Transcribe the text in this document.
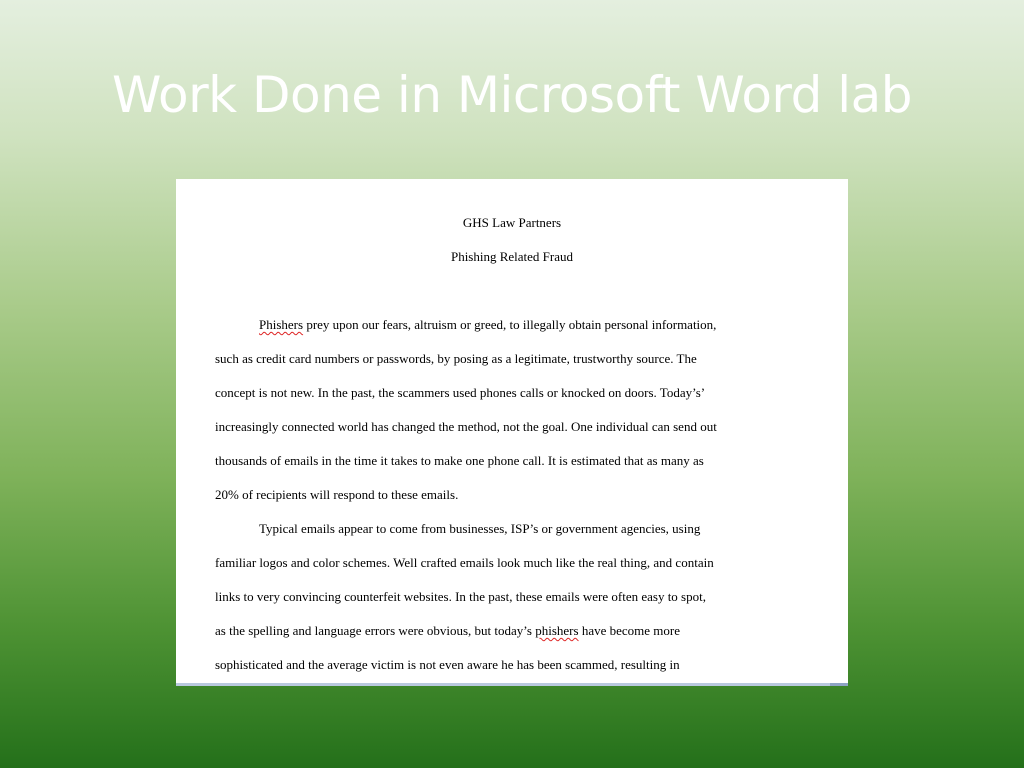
Work Done in Microsoft Word lab

GHS Law Partners

Phishing Related Fraud

Phishers prey upon our fears, altruism or greed, to illegally obtain personal information,

such as credit card numbers or passwords, by posing as a legitimate, trustworthy source. The

concept is not new. In the past, the scammers used phones calls or knocked on doors. Today’s’

increasingly connected world has changed the method, not the goal. One individual can send out

thousands of emails in the time it takes to make one phone call. It is estimated that as many as

20% of recipients will respond to these emails.

Typical emails appear to come from businesses, ISP’s or government agencies, using

familiar logos and color schemes. Well crafted emails look much like the real thing, and contain

links to very convincing counterfeit websites. In the past, these emails were often easy to spot,

as the spelling and language errors were obvious, but today’s phishers have become more

sophisticated and the average victim is not even aware he has been scammed, resulting in
